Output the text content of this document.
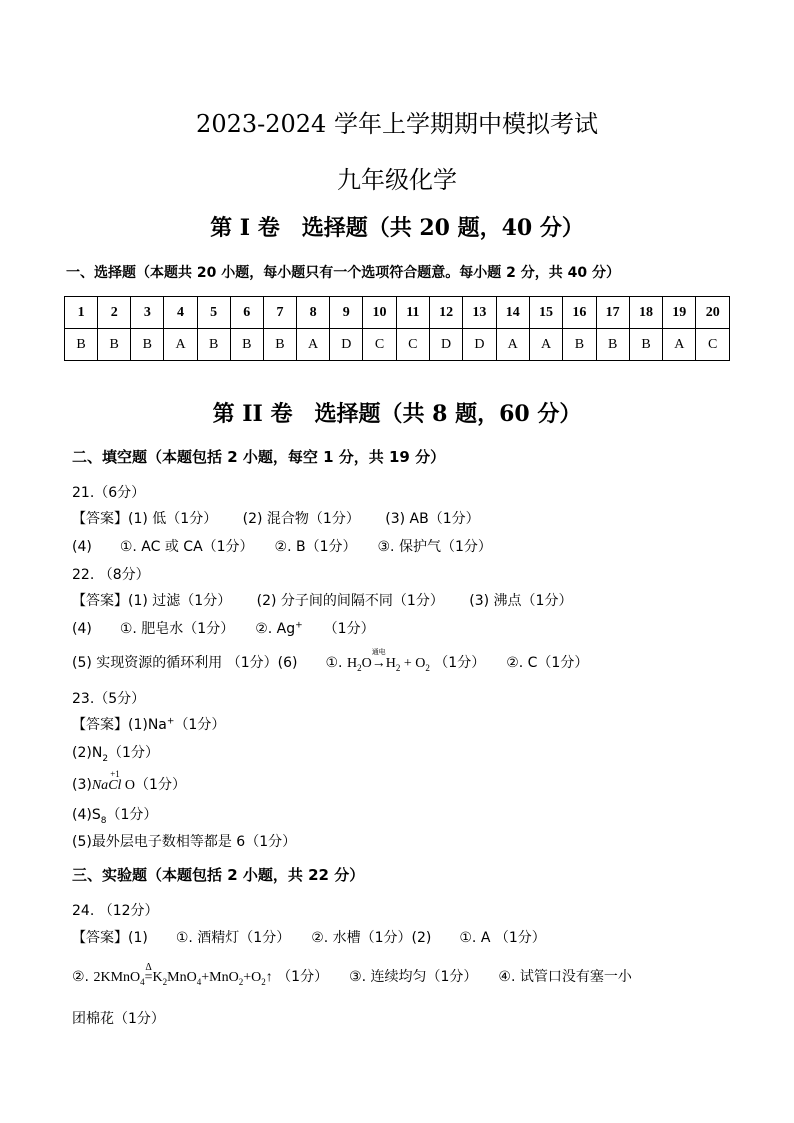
2023-2024 学年上学期期中模拟考试
九年级化学
第 I 卷　选择题（共 20 题，40 分）
一、选择题（本题共 20 小题，每小题只有一个选项符合题意。每小题 2 分，共 40 分）
1	2	3	4	5	6	7	8	9	10	11	12	13	14	15	16	17	18	19	20
B	B	B	A	B	B	B	A	D	C	C	D	D	A	A	B	B	B	A	C
第 II 卷　选择题（共 8 题，60 分）
二、填空题（本题包括 2 小题，每空 1 分，共 19 分）
21.（6分）
【答案】(1) 低（1分）　　 (2) 混合物（1分）　　 (3) AB（1分）
(4)　　①. AC 或 CA（1分）　　②. B（1分）　　③. 保护气（1分）
22. （8分）
【答案】(1) 过滤（1分）　　 (2) 分子间的间隔不同（1分）　　 (3) 沸点（1分）
(4)　　①. 肥皂水（1分）　　②. Ag+　　（1分）
(5) 实现资源的循环利用 （1分）(6)　　①. $H_2O$
通电
$\to H_2 + O_2$ （1分）　　②. C（1分）
23.（5分）
【答案】(1)Na+（1分）
$(2)N_2(1$分）
(3)Na
+1
Cl O（1分）
$(4)S_8(1$分）
(5)最外层电子数相等都是 6（1分）
三、实验题（本题包括 2 小题，共 22 分）
24. （12分）
【答案】(1)　　①. 酒精灯（1分）　　②. 水槽（1分）(2)　　①. A （1分）
②. 2KMnO$_4$
Δ
$=K_2MnO_4+MnO_2+O_2↑$ （1分）　　③. 连续均匀（1分）　　④. 试管口没有塞一小
团棉花（1分）
